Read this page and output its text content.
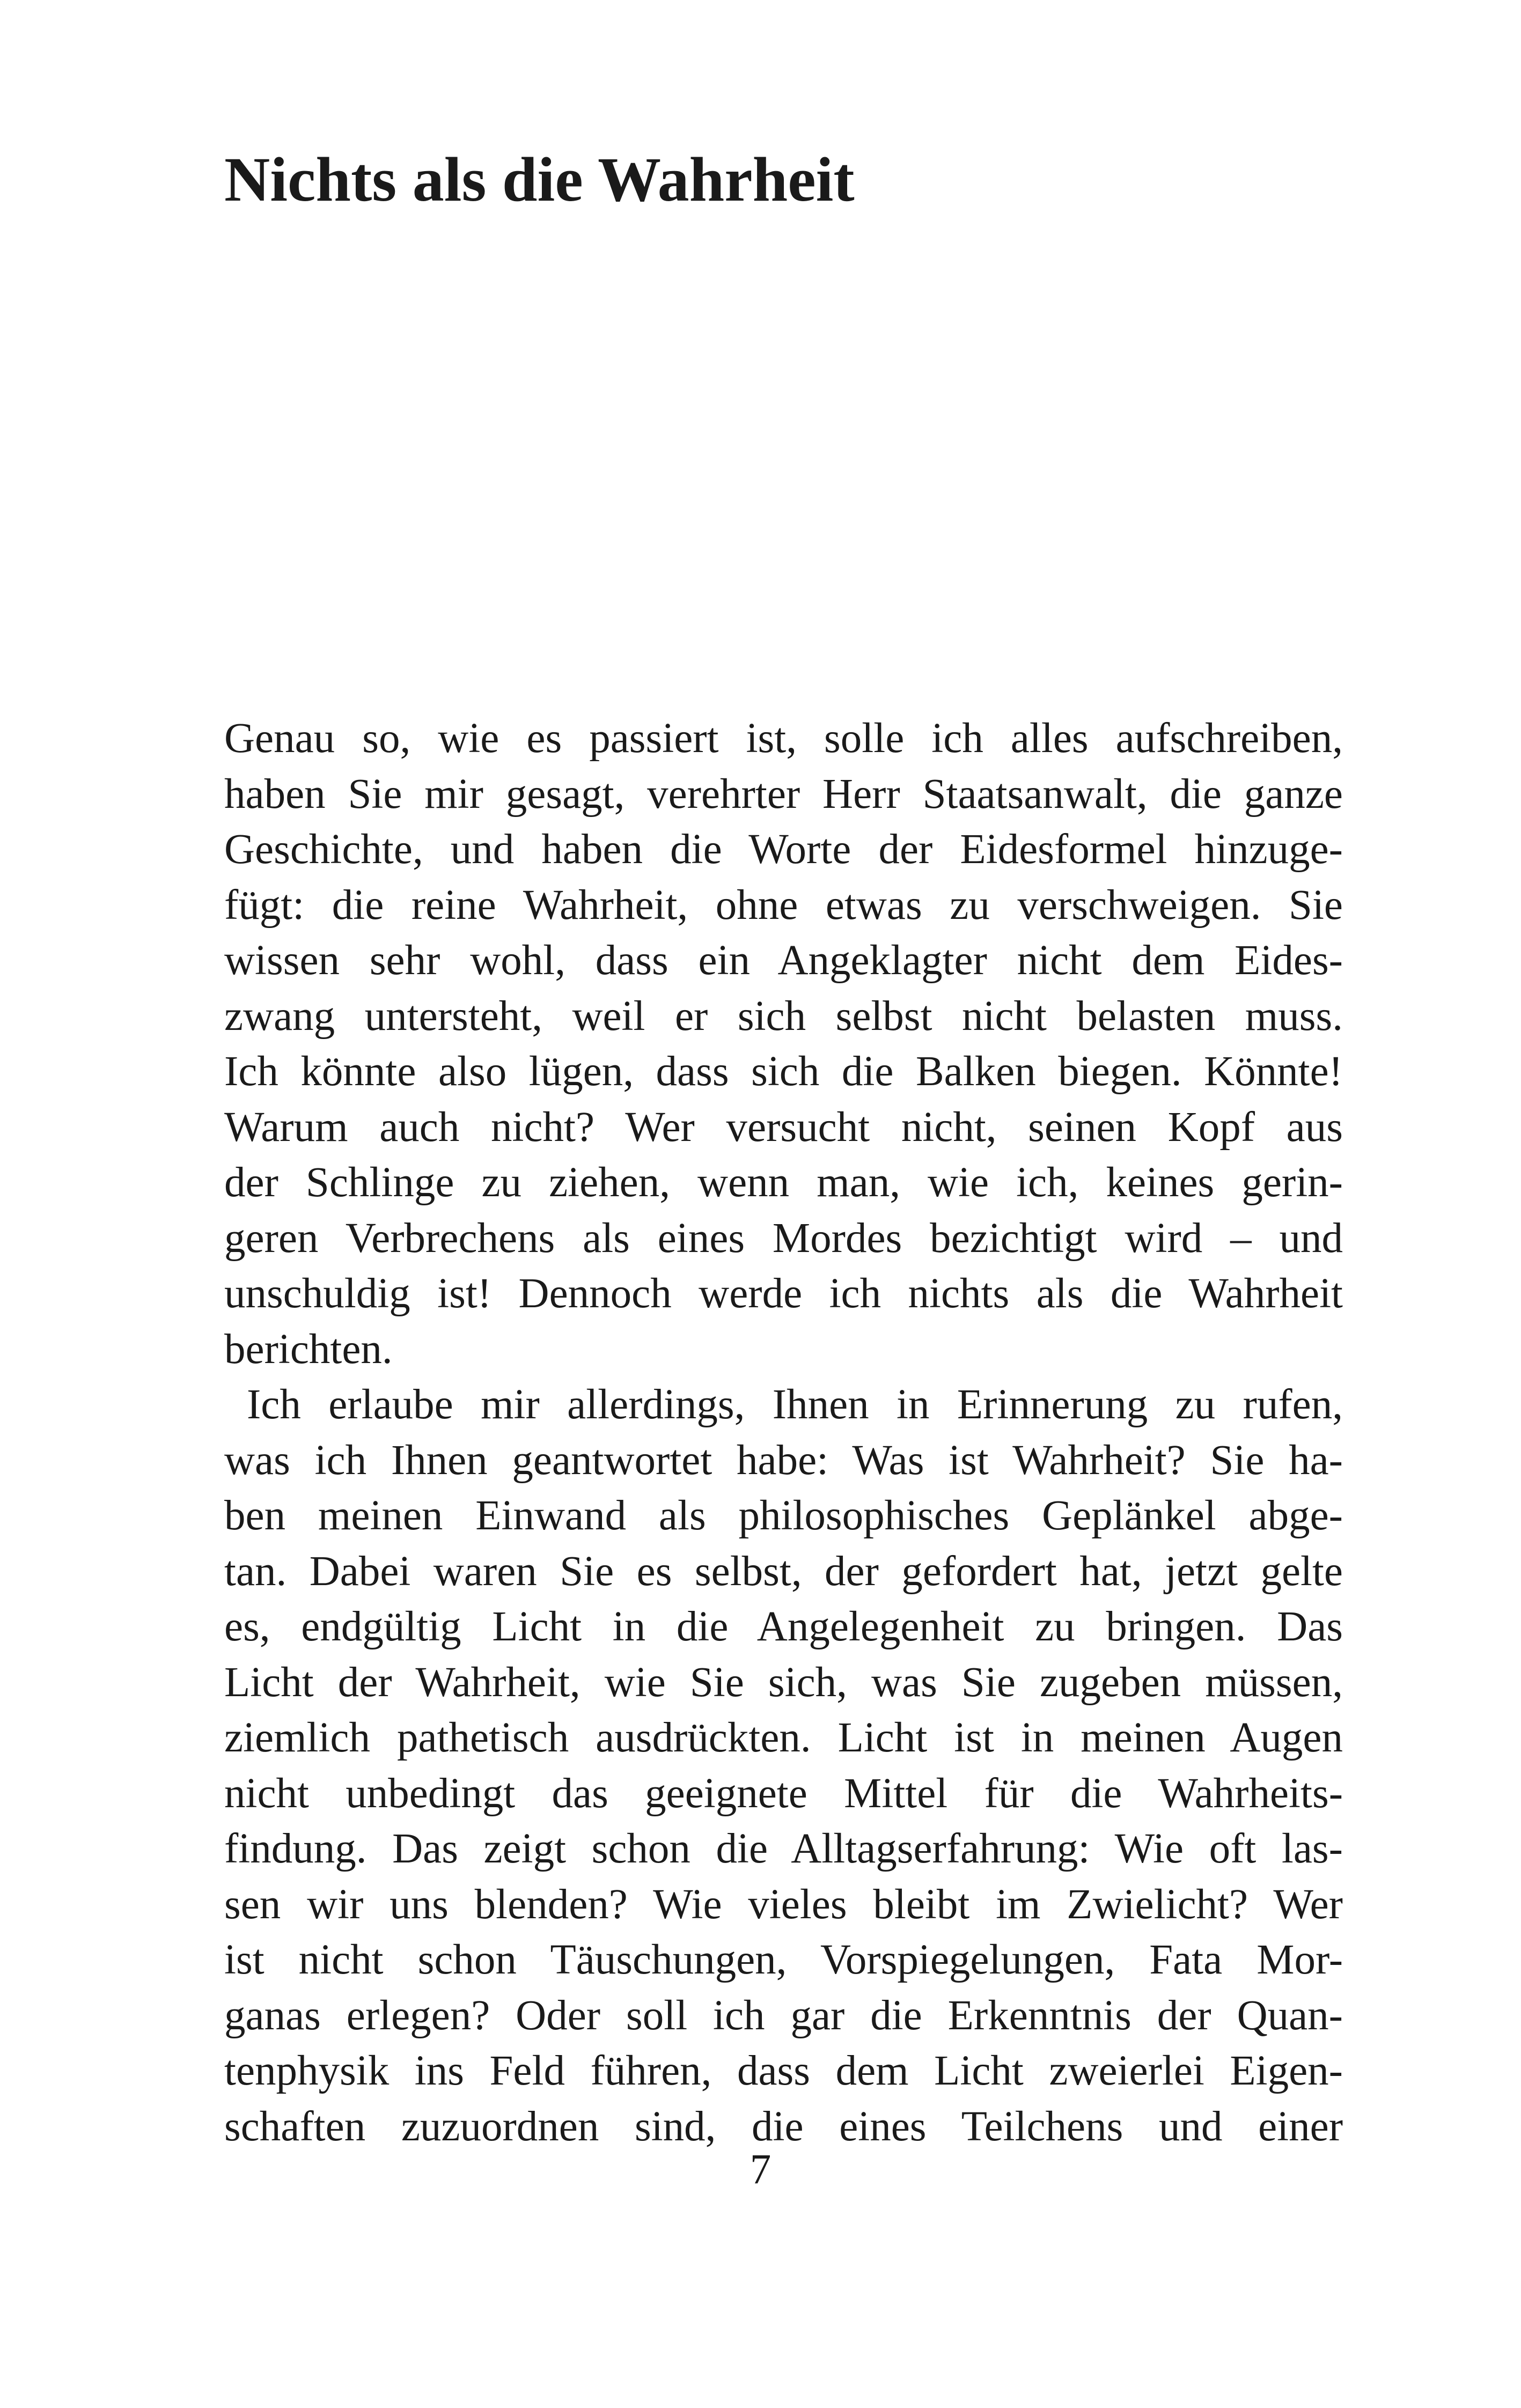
Nichts als die Wahrheit

Genau so, wie es passiert ist, solle ich alles aufschreiben,
haben Sie mir gesagt, verehrter Herr Staatsanwalt, die ganze
Geschichte, und haben die Worte der Eidesformel hinzuge-
fügt: die reine Wahrheit, ohne etwas zu verschweigen. Sie
wissen sehr wohl, dass ein Angeklagter nicht dem Eides-
zwang untersteht, weil er sich selbst nicht belasten muss.
Ich könnte also lügen, dass sich die Balken biegen. Könnte!
Warum auch nicht? Wer versucht nicht, seinen Kopf aus
der Schlinge zu ziehen, wenn man, wie ich, keines gerin-
geren Verbrechens als eines Mordes bezichtigt wird – und
unschuldig ist! Dennoch werde ich nichts als die Wahrheit
berichten.

Ich erlaube mir allerdings, Ihnen in Erinnerung zu rufen,
was ich Ihnen geantwortet habe: Was ist Wahrheit? Sie ha-
ben meinen Einwand als philosophisches Geplänkel abge-
tan. Dabei waren Sie es selbst, der gefordert hat, jetzt gelte
es, endgültig Licht in die Angelegenheit zu bringen. Das
Licht der Wahrheit, wie Sie sich, was Sie zugeben müssen,
ziemlich pathetisch ausdrückten. Licht ist in meinen Augen
nicht unbedingt das geeignete Mittel für die Wahrheits-
findung. Das zeigt schon die Alltagserfahrung: Wie oft las-
sen wir uns blenden? Wie vieles bleibt im Zwielicht? Wer
ist nicht schon Täuschungen, Vorspiegelungen, Fata Mor-
ganas erlegen? Oder soll ich gar die Erkenntnis der Quan-
tenphysik ins Feld führen, dass dem Licht zweierlei Eigen-
schaften zuzuordnen sind, die eines Teilchens und einer

7
